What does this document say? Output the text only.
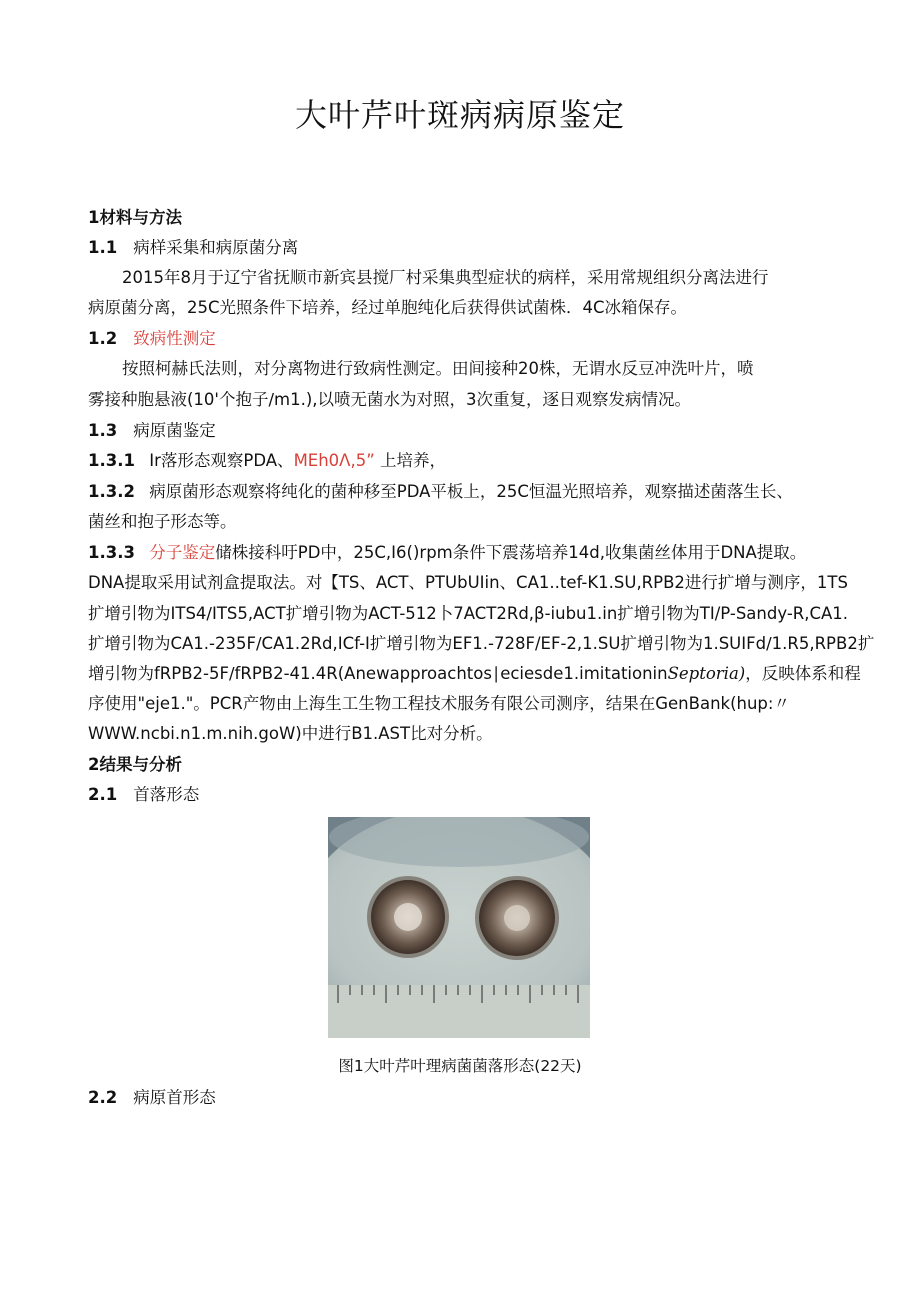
大叶芹叶斑病病原鉴定
1材料与方法
1.1 病样采集和病原菌分离
2015年8月于辽宁省抚顺市新宾县搅厂村采集典型症状的病样，采用常规组织分离法进行
病原菌分离，25C光照条件下培养，经过单胞纯化后获得供试菌株．4C冰箱保存。
1.2 致病性测定
按照柯赫氏法则，对分离物进行致病性测定。田间接种20株，无谓水反豆冲洗叶片，喷
雾接种胞悬液(10'个抱子∕m1.),以喷无菌水为对照，3次重复，逐日观察发病情况。
1.3 病原菌鉴定
1.3.1 Ir落形态观察PDA、MEh0Λ,5” 上培养，
1.3.2 病原菌形态观察将纯化的菌种移至PDA平板上，25C恒温光照培养，观察描述菌落生长、
菌丝和抱子形态等。
1.3.3 分子鉴定储株接科吁PD中，25C,I6()rpm条件下震荡培养14d,收集菌丝体用于DNA提取。
DNA提取采用试剂盒提取法。对【TS、ACT、PTUbUIin、CA1..tef-K1.SU,RPB2进行扩增与测序，1TS
扩增引物为ITS4∕ITS5,ACT扩增引物为ACT-512卜7ACT2Rd,β-iubu1.in扩增引物为TI/P-Sandy-R,CA1.
扩增引物为CA1.-235F∕CA1.2Rd,ICf-I扩增引物为EF1.-728F/EF-2,1.SU扩增引物为1.SUIFd∕1.R5,RPB2扩
增引物为fRPB2-5F∕fRPB2-41.4R(Anewapproachtos∣eciesde1.imitationinSeptoria)，反映体系和程
序使用"eje1."。PCR产物由上海生工生物工程技术服务有限公司测序，结果在GenBank(hup:〃
WWW.ncbi.n1.m.nih.goW)中进行B1.AST比对分析。
2结果与分析
2.1 首落形态
图1大叶芹叶理病菌菌落形态(22天)
2.2 病原首形态
